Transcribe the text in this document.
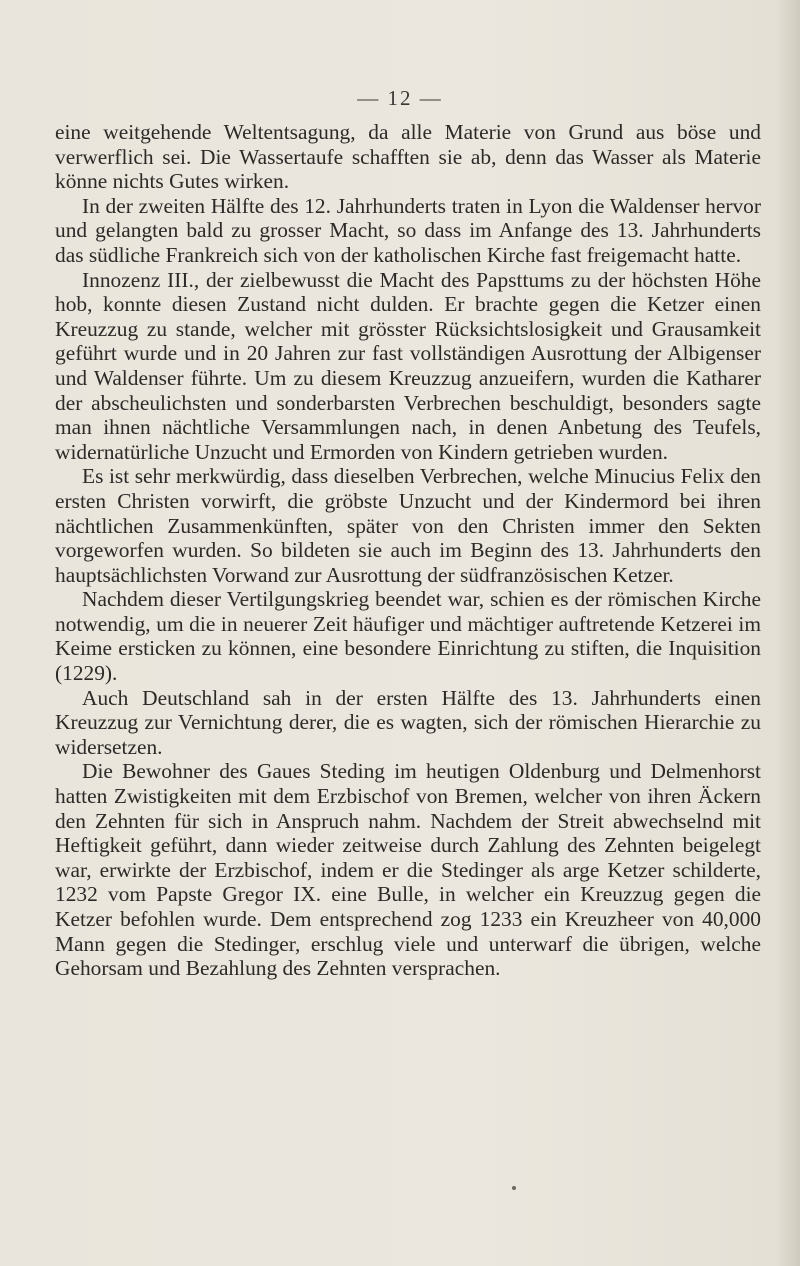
— 12 —

eine weitgehende Weltentsagung, da alle Materie von Grund aus böse und verwerflich sei. Die Wassertaufe schafften sie ab, denn das Wasser als Materie könne nichts Gutes wirken.

In der zweiten Hälfte des 12. Jahrhunderts traten in Lyon die Waldenser hervor und gelangten bald zu grosser Macht, so dass im Anfange des 13. Jahrhunderts das südliche Frankreich sich von der katholischen Kirche fast freigemacht hatte.

Innozenz III., der zielbewusst die Macht des Papsttums zu der höchsten Höhe hob, konnte diesen Zustand nicht dulden. Er brachte gegen die Ketzer einen Kreuzzug zu stande, welcher mit grösster Rücksichtslosigkeit und Grausamkeit geführt wurde und in 20 Jahren zur fast vollständigen Ausrottung der Albigenser und Waldenser führte. Um zu diesem Kreuzzug anzueifern, wurden die Katharer der abscheulichsten und sonderbarsten Verbrechen beschuldigt, besonders sagte man ihnen nächtliche Versammlungen nach, in denen Anbetung des Teufels, widernatürliche Unzucht und Ermorden von Kindern getrieben wurden.

Es ist sehr merkwürdig, dass dieselben Verbrechen, welche Minucius Felix den ersten Christen vorwirft, die gröbste Unzucht und der Kindermord bei ihren nächtlichen Zusammenkünften, später von den Christen immer den Sekten vorgeworfen wurden. So bildeten sie auch im Beginn des 13. Jahrhunderts den hauptsächlichsten Vorwand zur Ausrottung der südfranzösischen Ketzer.

Nachdem dieser Vertilgungskrieg beendet war, schien es der römischen Kirche notwendig, um die in neuerer Zeit häufiger und mächtiger auftretende Ketzerei im Keime ersticken zu können, eine besondere Einrichtung zu stiften, die Inquisition (1229).

Auch Deutschland sah in der ersten Hälfte des 13. Jahrhunderts einen Kreuzzug zur Vernichtung derer, die es wagten, sich der römischen Hierarchie zu widersetzen.

Die Bewohner des Gaues Steding im heutigen Oldenburg und Delmenhorst hatten Zwistigkeiten mit dem Erzbischof von Bremen, welcher von ihren Äckern den Zehnten für sich in Anspruch nahm. Nachdem der Streit abwechselnd mit Heftigkeit geführt, dann wieder zeitweise durch Zahlung des Zehnten beigelegt war, erwirkte der Erzbischof, indem er die Stedinger als arge Ketzer schilderte, 1232 vom Papste Gregor IX. eine Bulle, in welcher ein Kreuzzug gegen die Ketzer befohlen wurde. Dem entsprechend zog 1233 ein Kreuzheer von 40,000 Mann gegen die Stedinger, erschlug viele und unterwarf die übrigen, welche Gehorsam und Bezahlung des Zehnten versprachen.
